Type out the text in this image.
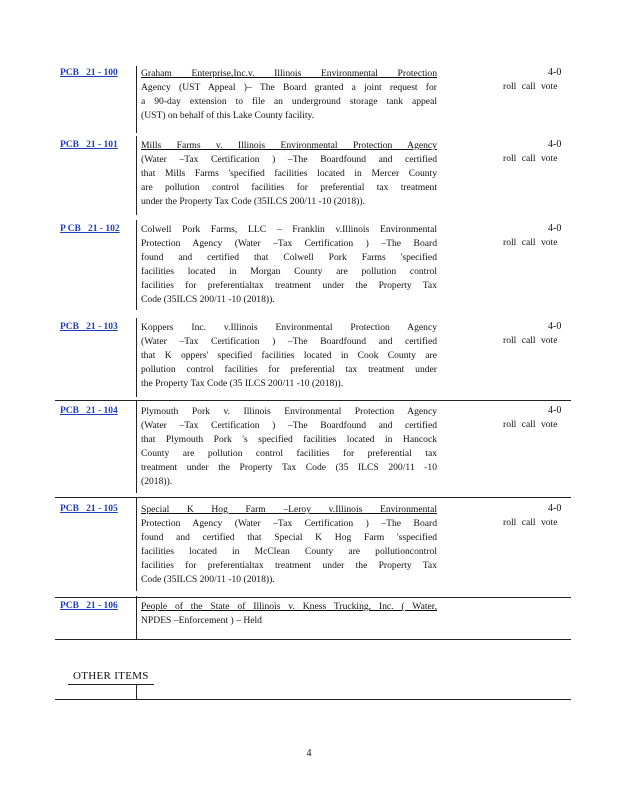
PCB   21 - 100 Graham Enterprise,Inc.v. Illinois Environmental Protection
Agency (UST Appeal )– The Board granted a joint request for
a 90-day extension to file an underground storage tank appeal
(UST) on behalf of this Lake County facility.
4-0
roll call vote
PCB   21 - 101 Mills Farms v. Illinois Environmental Protection Agency
(Water –Tax Certification ) –The Boardfound and certified
that Mills Farms 'specified facilities located in Mercer County
are pollution control facilities for preferential tax treatment
under the Property Tax Code (35ILCS 200/11 -10 (2018)).
4-0
roll call vote
P CB   21 - 102 Colwell Pork Farms, LLC – Franklin v.Illinois Environmental
Protection Agency (Water –Tax Certification ) –The Board
found and certified that Colwell Pork Farms 'specified
facilities located in Morgan County are pollution control
facilities for preferentialtax treatment under the Property Tax
Code (35ILCS 200/11 -10 (2018)).
4-0
roll call vote
PCB   21 - 103 Koppers Inc. v.Illinois Environmental Protection Agency
(Water –Tax Certification ) –The Boardfound and certified
that K oppers' specified facilities located in Cook County are
pollution control facilities for preferential tax treatment under
the Property Tax Code (35 ILCS 200/11 -10 (2018)).
4-0
roll call vote
PCB   21 - 104 Plymouth Pork v. Illinois Environmental Protection Agency
(Water –Tax Certification ) –The Boardfound and certified
that Plymouth Pork 's specified facilities located in Hancock
County are pollution control facilities for preferential tax
treatment under the Property Tax Code (35 ILCS 200/11 -10
(2018)).
4-0
roll call vote
PCB   21 - 105 Special K Hog Farm –Leroy v.Illinois Environmental
Protection Agency (Water –Tax Certification ) –The Board
found and certified that Special K Hog Farm 'sspecified
facilities located in McClean County are pollutioncontrol
facilities for preferentialtax treatment under the Property Tax
Code (35ILCS 200/11 -10 (2018)).
4-0
roll call vote
PCB   21 - 106 People of the State of Illinois v. Kness Trucking, Inc. ( Water,
NPDES –Enforcement ) – Held
OTHER ITEMS
4
